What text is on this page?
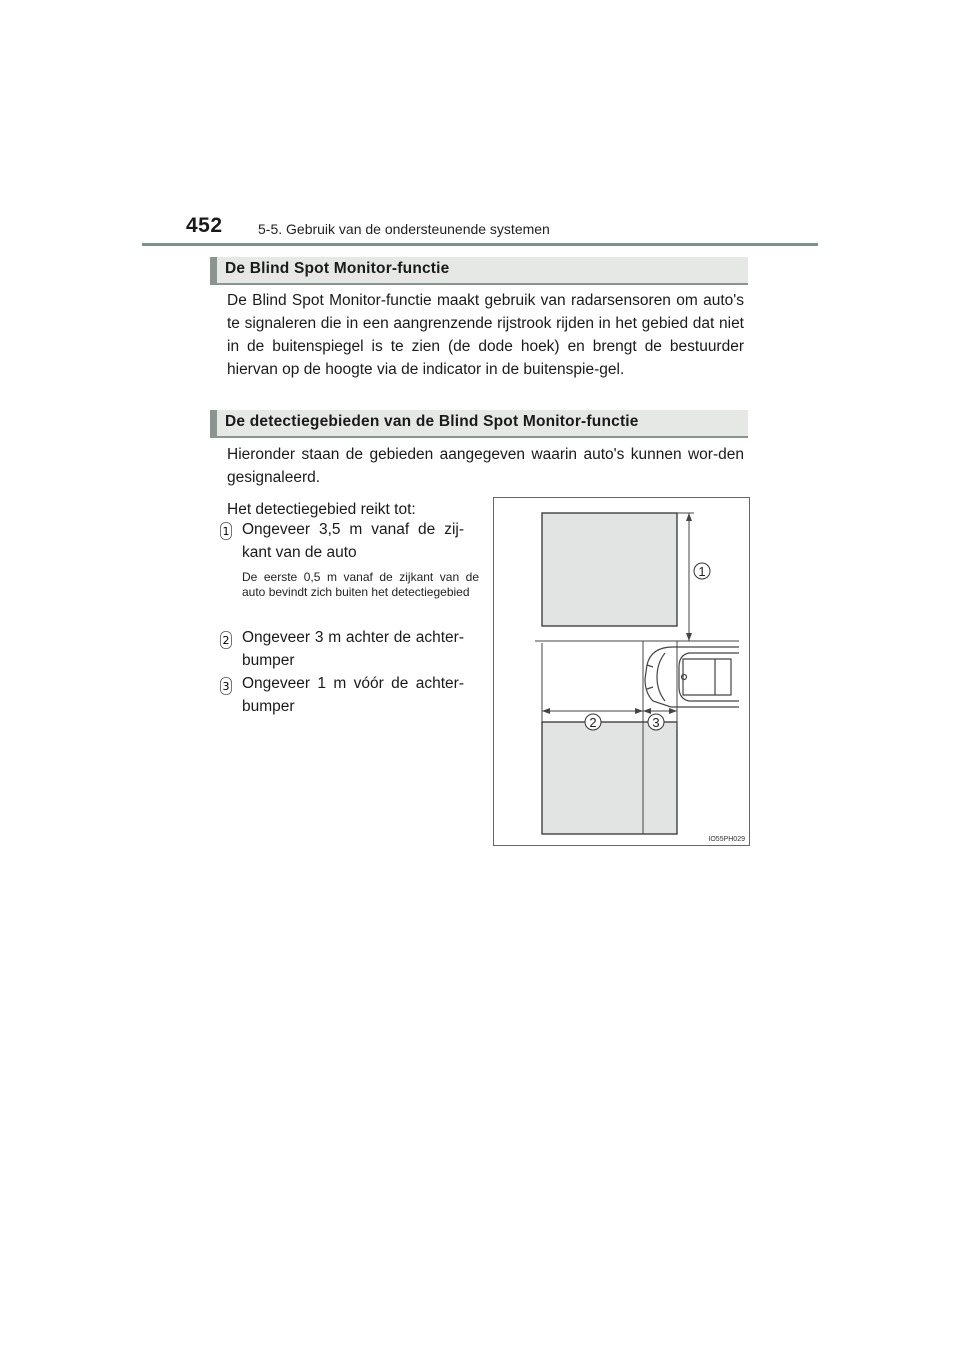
452	5-5. Gebruik van de ondersteunende systemen
De Blind Spot Monitor-functie
De Blind Spot Monitor-functie maakt gebruik van radarsensoren om auto's te signaleren die in een aangrenzende rijstrook rijden in het gebied dat niet in de buitenspiegel is te zien (de dode hoek) en brengt de bestuurder hiervan op de hoogte via de indicator in de buitenspie-gel.
De detectiegebieden van de Blind Spot Monitor-functie
Hieronder staan de gebieden aangegeven waarin auto's kunnen wor-den gesignaleerd.
Het detectiegebied reikt tot:
1 Ongeveer 3,5 m vanaf de zij-kant van de auto
De eerste 0,5 m vanaf de zijkant van de auto bevindt zich buiten het detectiegebied
2 Ongeveer 3 m achter de achter-bumper
3 Ongeveer 1 m vóór de achter-bumper
1
2	3
IO55PH029
